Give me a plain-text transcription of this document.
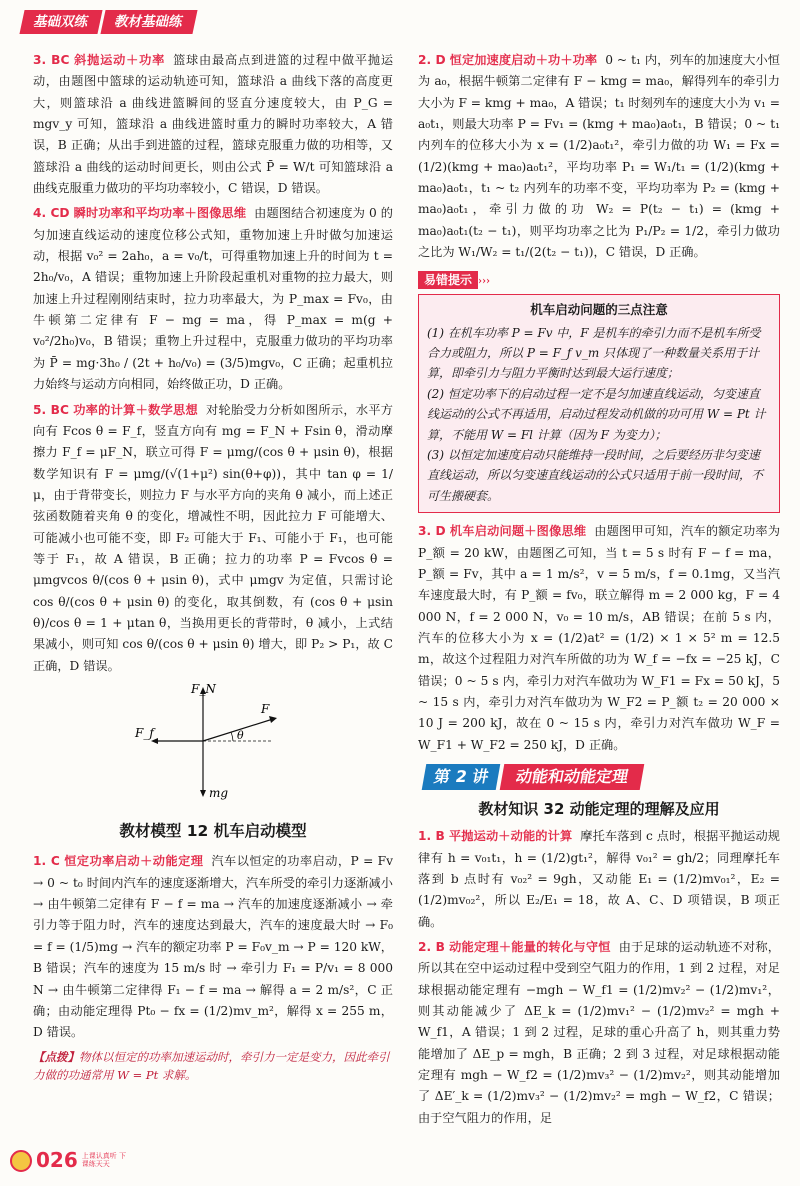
基础双练	教材基础练

3. BC 斜抛运动＋功率 篮球由最高点到进篮的过程中做平抛运动，由题图中篮球的运动轨迹可知，篮球沿 a 曲线下落的高度更大，则篮球沿 a 曲线进篮瞬间的竖直分速度较大，由 P_G = mgv_y 可知，篮球沿 a 曲线进篮时重力的瞬时功率较大，A 错误，B 正确；从出手到进篮的过程，篮球克服重力做的功相等，又篮球沿 a 曲线的运动时间更长，则由公式 P̄ = W/t 可知篮球沿 a 曲线克服重力做功的平均功率较小，C 错误，D 错误。

4. CD 瞬时功率和平均功率＋图像思维 由题图结合初速度为 0 的匀加速直线运动的速度位移公式知，重物加速上升时做匀加速运动，根据 v₀² = 2ah₀，a = v₀/t，可得重物加速上升的时间为 t = 2h₀/v₀，A 错误；重物加速上升阶段起重机对重物的拉力最大，则加速上升过程刚刚结束时，拉力功率最大，为 P_max = Fv₀，由牛顿第二定律有 F − mg = ma，得 P_max = m(g + v₀²/2h₀)v₀，B 错误；重物上升过程中，克服重力做功的平均功率为 P̄ = mg·3h₀ / (2t + h₀/v₀) = (3/5)mgv₀，C 正确；起重机拉力始终与运动方向相同，始终做正功，D 正确。

5. BC 功率的计算＋数学思想 对轮胎受力分析如图所示，水平方向有 Fcos θ = F_f，竖直方向有 mg = F_N + Fsin θ，滑动摩擦力 F_f = μF_N，联立可得 F = μmg/(cos θ + μsin θ)，根据数学知识有 F = μmg/(√(1+μ²) sin(θ+φ))，其中 tan φ = 1/μ，由于背带变长，则拉力 F 与水平方向的夹角 θ 减小，而上述正弦函数随着夹角 θ 的变化，增减性不明，因此拉力 F 可能增大、可能减小也可能不变，即 F₂ 可能大于 F₁、可能小于 F₁，也可能等于 F₁，故 A 错误，B 正确；拉力的功率 P = Fvcos θ = μmgvcos θ/(cos θ + μsin θ)，式中 μmgv 为定值，只需讨论 cos θ/(cos θ + μsin θ) 的变化，取其倒数，有 (cos θ + μsin θ)/cos θ = 1 + μtan θ，当换用更长的背带时，θ 减小，上式结果减小，则可知 cos θ/(cos θ + μsin θ) 增大，即 P₂ > P₁，故 C 正确，D 错误。

F_N
F
F_f	θ
mg
教材模型 12 机车启动模型

1. C 恒定功率启动＋动能定理 汽车以恒定的功率启动，P = Fv → 0 ~ t₀ 时间内汽车的速度逐渐增大，汽车所受的牵引力逐渐减小 → 由牛顿第二定律有 F − f = ma → 汽车的加速度逐渐减小 → 牵引力等于阻力时，汽车的速度达到最大，汽车的速度最大时 → F₀ = f = (1/5)mg → 汽车的额定功率 P = F₀v_m → P = 120 kW，B 错误；汽车的速度为 15 m/s 时 → 牵引力 F₁ = P/v₁ = 8 000 N → 由牛顿第二定律得 F₁ − f = ma → 解得 a = 2 m/s²，C 正确；由动能定理得 Pt₀ − fx = (1/2)mv_m²，解得 x = 255 m，D 错误。

【点拨】物体以恒定的功率加速运动时，牵引力一定是变力，因此牵引力做的功通常用 W = Pt 求解。

2. D 恒定加速度启动＋功＋功率 0 ~ t₁ 内，列车的加速度大小恒为 a₀，根据牛顿第二定律有 F − kmg = ma₀，解得列车的牵引力大小为 F = kmg + ma₀，A 错误；t₁ 时刻列车的速度大小为 v₁ = a₀t₁，则最大功率 P = Fv₁ = (kmg + ma₀)a₀t₁，B 错误；0 ~ t₁ 内列车的位移大小为 x = (1/2)a₀t₁²，牵引力做的功 W₁ = Fx = (1/2)(kmg + ma₀)a₀t₁²，平均功率 P₁ = W₁/t₁ = (1/2)(kmg + ma₀)a₀t₁，t₁ ~ t₂ 内列车的功率不变，平均功率为 P₂ = (kmg + ma₀)a₀t₁，牵引力做的功 W₂ = P(t₂ − t₁) = (kmg + ma₀)a₀t₁(t₂ − t₁)，则平均功率之比为 P₁/P₂ = 1/2，牵引力做功之比为 W₁/W₂ = t₁/(2(t₂ − t₁))，C 错误，D 正确。

易错提示 ›››
机车启动问题的三点注意
(1) 在机车功率 P = Fv 中，F 是机车的牵引力而不是机车所受合力或阻力，所以 P = F_f v_m 只体现了一种数量关系用于计算，即牵引力与阻力平衡时达到最大运行速度；
(2) 恒定功率下的启动过程一定不是匀加速直线运动，匀变速直线运动的公式不再适用，启动过程发动机做的功可用 W = Pt 计算，不能用 W = Fl 计算（因为 F 为变力）；
(3) 以恒定加速度启动只能维持一段时间，之后要经历非匀变速直线运动，所以匀变速直线运动的公式只适用于前一段时间，不可生搬硬套。

3. D 机车启动问题＋图像思维 由题图甲可知，汽车的额定功率为 P_额 = 20 kW，由题图乙可知，当 t = 5 s 时有 F − f = ma，P_额 = Fv，其中 a = 1 m/s²，v = 5 m/s，f = 0.1mg，又当汽车速度最大时，有 P_额 = fv₀，联立解得 m = 2 000 kg，F = 4 000 N，f = 2 000 N，v₀ = 10 m/s，AB 错误；在前 5 s 内，汽车的位移大小为 x = (1/2)at² = (1/2) × 1 × 5² m = 12.5 m，故这个过程阻力对汽车所做的功为 W_f = −fx = −25 kJ，C 错误；0 ~ 5 s 内，牵引力对汽车做功为 W_F1 = Fx = 50 kJ，5 ~ 15 s 内，牵引力对汽车做功为 W_F2 = P_额 t₂ = 20 000 × 10 J = 200 kJ，故在 0 ~ 15 s 内，牵引力对汽车做功 W_F = W_F1 + W_F2 = 250 kJ，D 正确。

第 2 讲	动能和动能定理
教材知识 32 动能定理的理解及应用

1. B 平抛运动＋动能的计算 摩托车落到 c 点时，根据平抛运动规律有 h = v₀₁t₁，h = (1/2)gt₁²，解得 v₀₁² = gh/2；同理摩托车落到 b 点时有 v₀₂² = 9gh，又动能 E₁ = (1/2)mv₀₁²，E₂ = (1/2)mv₀₂²，所以 E₂/E₁ = 18，故 A、C、D 项错误，B 项正确。

2. B 动能定理＋能量的转化与守恒 由于足球的运动轨迹不对称，所以其在空中运动过程中受到空气阻力的作用，1 到 2 过程，对足球根据动能定理有 −mgh − W_f1 = (1/2)mv₂² − (1/2)mv₁²，则其动能减少了 ΔE_k = (1/2)mv₁² − (1/2)mv₂² = mgh + W_f1，A 错误；1 到 2 过程，足球的重心升高了 h，则其重力势能增加了 ΔE_p = mgh，B 正确；2 到 3 过程，对足球根据动能定理有 mgh − W_f2 = (1/2)mv₃² − (1/2)mv₂²，则其动能增加了 ΔE′_k = (1/2)mv₃² − (1/2)mv₂² = mgh − W_f2，C 错误；由于空气阻力的作用，足

026 上课认真听 下课练天天
